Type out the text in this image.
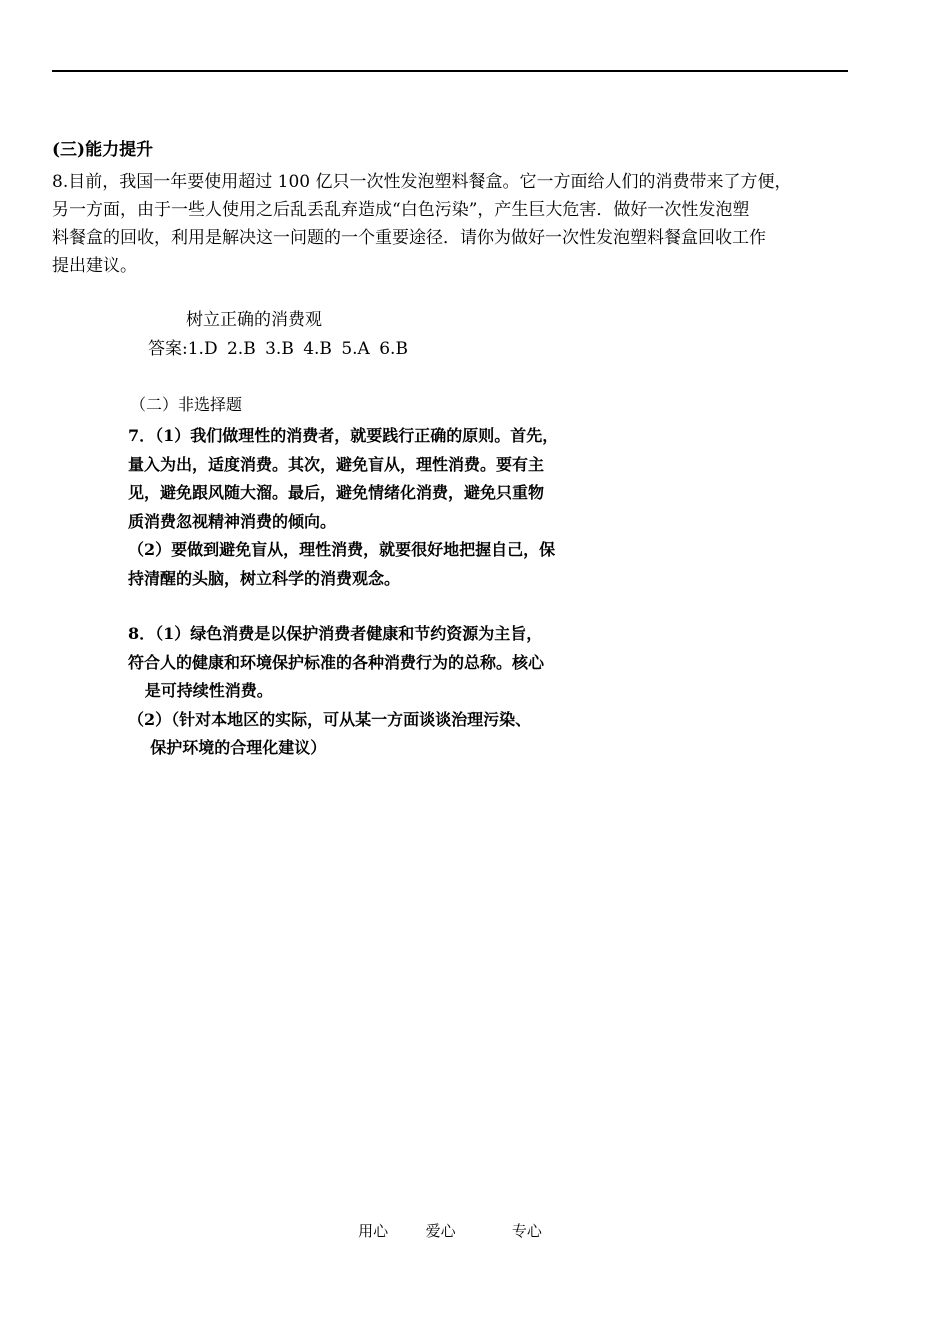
(三)能力提升
8.目前，我国一年要使用超过 100 亿只一次性发泡塑料餐盒。它一方面给人们的消费带来了方便，
另一方面，由于一些人使用之后乱丢乱弃造成“白色污染”，产生巨大危害．做好一次性发泡塑
料餐盒的回收，利用是解决这一问题的一个重要途径．请你为做好一次性发泡塑料餐盒回收工作
提出建议。
树立正确的消费观
答案:1.D 2.B 3.B 4.B 5.A 6.B
（二）非选择题
7．（1）我们做理性的消费者，就要践行正确的原则。首先，
量入为出，适度消费。其次，避免盲从，理性消费。要有主
见，避免跟风随大溜。最后，避免情绪化消费，避免只重物
质消费忽视精神消费的倾向。
（2）要做到避免盲从，理性消费，就要很好地把握自己，保
持清醒的头脑，树立科学的消费观念。
8．（1）绿色消费是以保护消费者健康和节约资源为主旨，
符合人的健康和环境保护标准的各种消费行为的总称。核心
是可持续性消费。
（2）（针对本地区的实际，可从某一方面谈谈治理污染、
保护环境的合理化建议）
用心  爱心   专心
